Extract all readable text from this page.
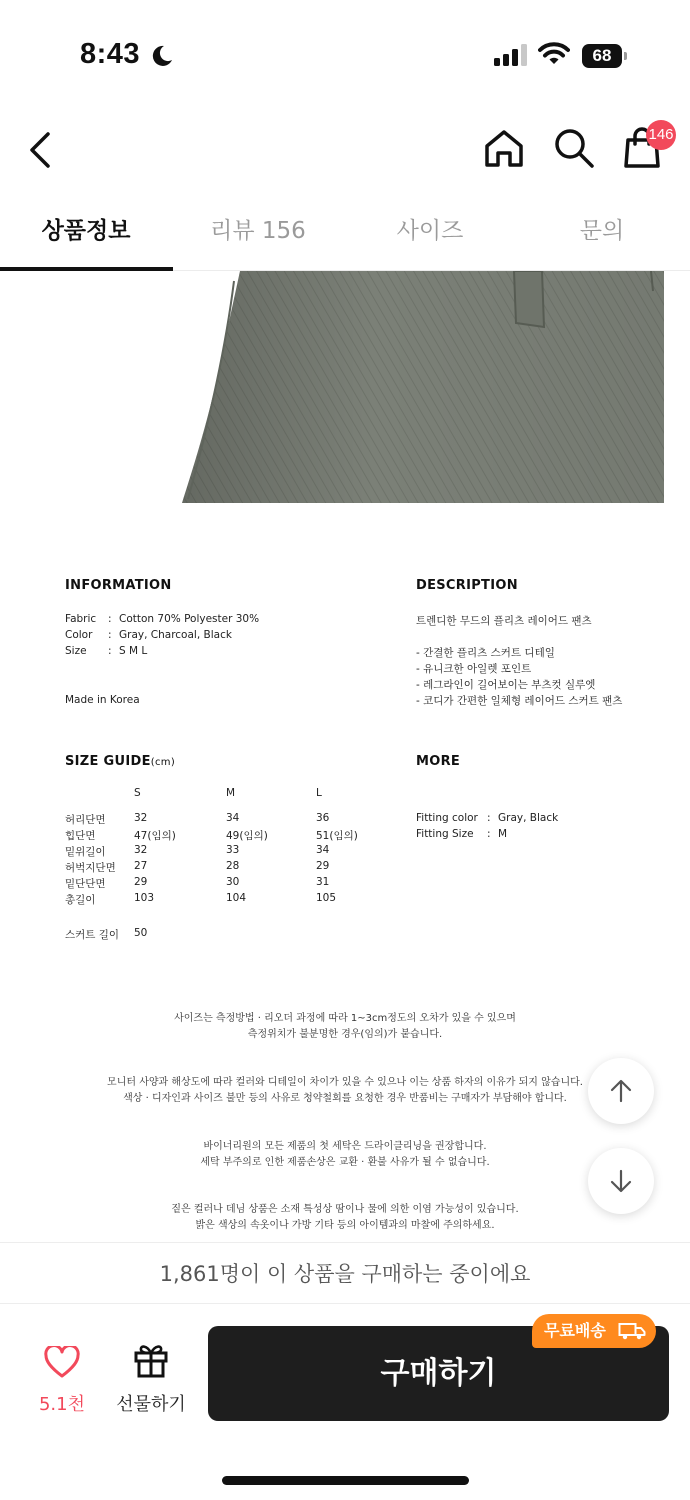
8:43	68
146
상품정보	리뷰 156	사이즈	문의
INFORMATION
Fabric : Cotton 70% Polyester 30%
Color : Gray, Charcoal, Black
Size : S M L
Made in Korea
DESCRIPTION
트렌디한 무드의 플리츠 레이어드 팬츠
- 간결한 플리츠 스커트 디테일
- 유니크한 아일렛 포인트
- 레그라인이 길어보이는 부츠컷 실루엣
- 코디가 간편한 일체형 레이어드 스커트 팬츠
SIZE GUIDE(cm)
S	M	L
허리단면	32	34	36
힙단면	47(임의)	49(임의)	51(임의)
밑위길이	32	33	34
허벅지단면 27	28	29
밑단단면	29	30	31
총길이	103	104	105
스커트 길이 50
MORE
Fitting color : Gray, Black
Fitting Size : M
사이즈는 측정방법 · 리오더 과정에 따라 1~3cm정도의 오차가 있을 수 있으며
측정위치가 불분명한 경우(임의)가 붙습니다.
모니터 사양과 해상도에 따라 컬러와 디테일이 차이가 있을 수 있으나 이는 상품 하자의 이유가 되지 않습니다.
색상 · 디자인과 사이즈 불만 등의 사유로 청약철회를 요청한 경우 반품비는 구매자가 부담해야 합니다.
바이너리원의 모든 제품의 첫 세탁은 드라이클리닝을 권장합니다.
세탁 부주의로 인한 제품손상은 교환 · 환불 사유가 될 수 없습니다.
짙은 컬러나 데님 상품은 소재 특성상 땀이나 물에 의한 이염 가능성이 있습니다.
밝은 색상의 속옷이나 가방 기타 등의 아이템과의 마찰에 주의하세요.
1,861명이 이 상품을 구매하는 중이에요
5.1천	선물하기
구매하기
무료배송
